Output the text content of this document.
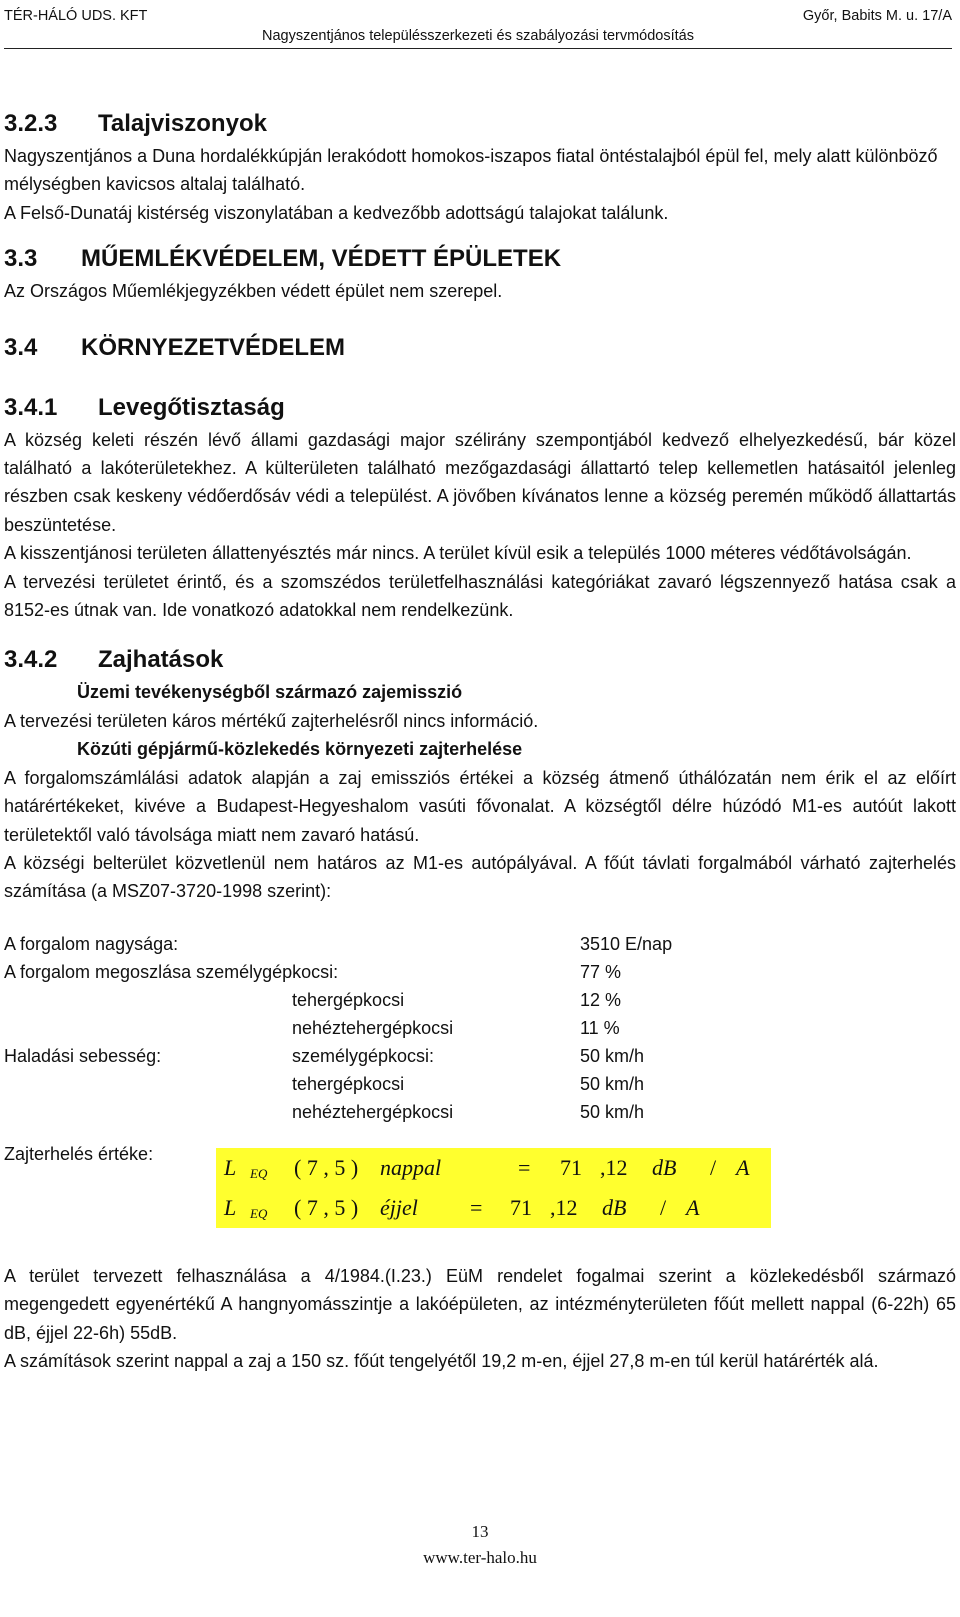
TÉR-HÁLÓ UDS. KFT	Győr, Babits M. u. 17/A
Nagyszentjános településszerkezeti és szabályozási tervmódosítás
3.2.3	Talajviszonyok

Nagyszentjános a Duna hordalékkúpján lerakódott homokos-iszapos fiatal öntéstalajból épül fel, mely alatt különböző mélységben kavicsos altalaj található.

A Felső-Dunatáj kistérség viszonylatában a kedvezőbb adottságú talajokat találunk.

3.3	MŰEMLÉKVÉDELEM, VÉDETT ÉPÜLETEK

Az Országos Műemlékjegyzékben védett épület nem szerepel.

3.4	KÖRNYEZETVÉDELEM
3.4.1	Levegőtisztaság

A község keleti részén lévő állami gazdasági major szélirány szempontjából kedvező elhelyezkedésű, bár közel található a lakóterületekhez. A külterületen található mezőgazdasági állattartó telep kellemetlen hatásaitól jelenleg részben csak keskeny védőerdősáv védi a települést. A jövőben kívánatos lenne a község peremén működő állattartás beszüntetése.

A kisszentjánosi területen állattenyésztés már nincs. A terület kívül esik a település 1000 méteres védőtávolságán.

A tervezési területet érintő, és a szomszédos területfelhasználási kategóriákat zavaró légszennyező hatása csak a 8152-es útnak van. Ide vonatkozó adatokkal nem rendelkezünk.

3.4.2	Zajhatások
Üzemi tevékenységből származó zajemisszió

A tervezési területen káros mértékű zajterhelésről nincs információ.

Közúti gépjármű-közlekedés környezeti zajterhelése

A forgalomszámlálási adatok alapján a zaj emissziós értékei a község átmenő úthálózatán nem érik el az előírt határértékeket, kivéve a Budapest-Hegyeshalom vasúti fővonalat. A községtől délre húzódó M1-es autóút lakott területektől való távolsága miatt nem zavaró hatású.

A községi belterület közvetlenül nem határos az M1-es autópályával. A főút távlati forgalmából várható zajterhelés számítása (a MSZ07-3720-1998 szerint):

A forgalom nagysága:	3510 E/nap
A forgalom megoszlása személygépkocsi:	77 %
tehergépkocsi	12 %
nehéztehergépkocsi	11 %
Haladási sebesség:	személygépkocsi:	50 km/h
tehergépkocsi	50 km/h
nehéztehergépkocsi	50 km/h
Zajterhelés értéke:
L EQ ( 7 , 5 ) nappal	= 71 ,12 dB / A
L EQ ( 7 , 5 ) éjjel = 71 ,12 dB / A

A terület tervezett felhasználása a 4/1984.(I.23.) EüM rendelet fogalmai szerint a közlekedésből származó megengedett egyenértékű A hangnyomásszintje a lakóépületen, az intézményterületen főút mellett nappal (6-22h) 65 dB, éjjel 22-6h) 55dB.

A számítások szerint nappal a zaj a 150 sz. főút tengelyétől 19,2 m-en, éjjel 27,8 m-en túl kerül határérték alá.

13
www.ter-halo.hu
